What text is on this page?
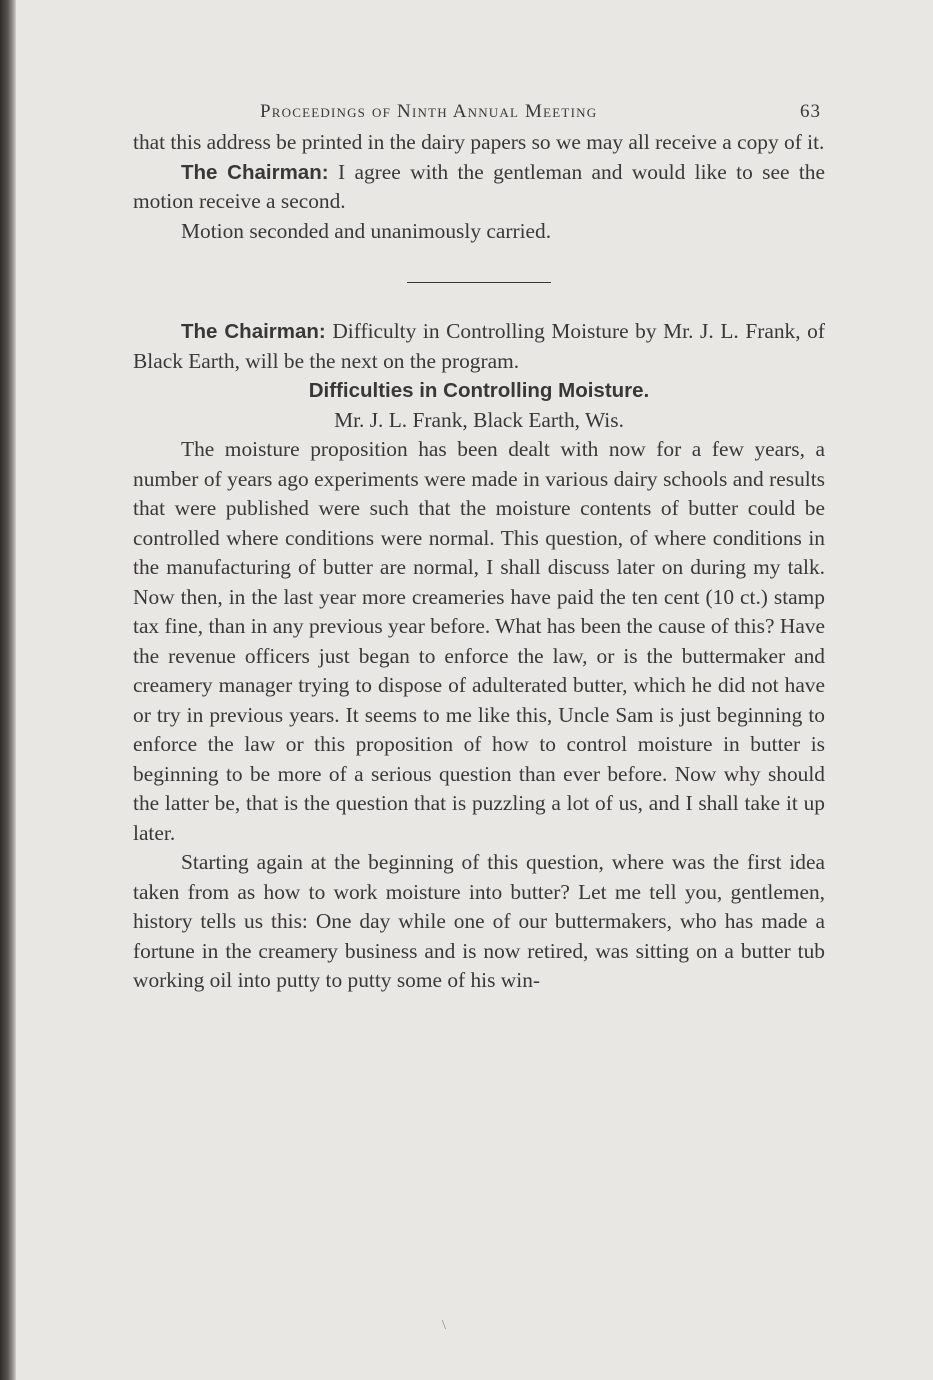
Proceedings of Ninth Annual Meeting	63

that this address be printed in the dairy papers so we may all receive a copy of it.

The Chairman: I agree with the gentleman and would like to see the motion receive a second.

Motion seconded and unanimously carried.

The Chairman: Difficulty in Controlling Moisture by Mr. J. L. Frank, of Black Earth, will be the next on the program.

Difficulties in Controlling Moisture.

Mr. J. L. Frank, Black Earth, Wis.

The moisture proposition has been dealt with now for a few years, a number of years ago experiments were made in various dairy schools and results that were published were such that the moisture contents of butter could be controlled where conditions were normal. This question, of where conditions in the manufacturing of butter are normal, I shall discuss later on during my talk. Now then, in the last year more creameries have paid the ten cent (10 ct.) stamp tax fine, than in any previous year before. What has been the cause of this? Have the revenue officers just began to enforce the law, or is the buttermaker and creamery manager trying to dispose of adulterated butter, which he did not have or try in previous years. It seems to me like this, Uncle Sam is just beginning to enforce the law or this proposition of how to control moisture in butter is beginning to be more of a serious question than ever before. Now why should the latter be, that is the question that is puzzling a lot of us, and I shall take it up later.

Starting again at the beginning of this question, where was the first idea taken from as how to work moisture into butter? Let me tell you, gentlemen, history tells us this: One day while one of our buttermakers, who has made a fortune in the creamery business and is now retired, was sitting on a butter tub working oil into putty to putty some of his win-

\
